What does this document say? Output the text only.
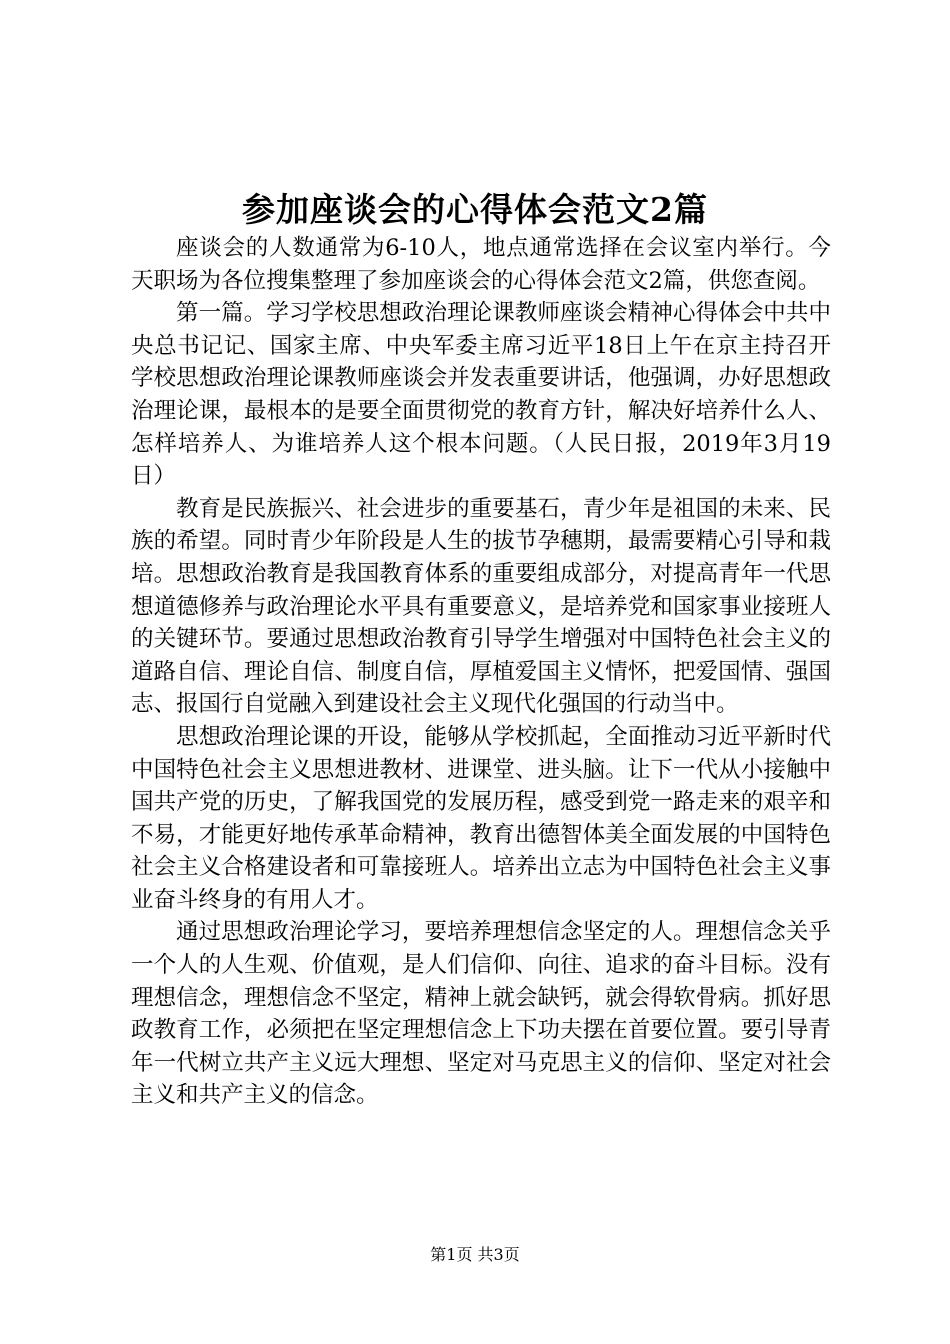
参加座谈会的心得体会范文2篇

座谈会的人数通常为6-10人，地点通常选择在会议室内举行。今天职场为各位搜集整理了参加座谈会的心得体会范文2篇，供您查阅。

第一篇。学习学校思想政治理论课教师座谈会精神心得体会中共中央总书记记、国家主席、中央军委主席习近平18日上午在京主持召开学校思想政治理论课教师座谈会并发表重要讲话，他强调，办好思想政治理论课，最根本的是要全面贯彻党的教育方针，解决好培养什么人、怎样培养人、为谁培养人这个根本问题。（人民日报，2019年3月19日）

教育是民族振兴、社会进步的重要基石，青少年是祖国的未来、民族的希望。同时青少年阶段是人生的拔节孕穗期，最需要精心引导和栽培。思想政治教育是我国教育体系的重要组成部分，对提高青年一代思想道德修养与政治理论水平具有重要意义，是培养党和国家事业接班人的关键环节。要通过思想政治教育引导学生增强对中国特色社会主义的道路自信、理论自信、制度自信，厚植爱国主义情怀，把爱国情、强国志、报国行自觉融入到建设社会主义现代化强国的行动当中。

思想政治理论课的开设，能够从学校抓起，全面推动习近平新时代中国特色社会主义思想进教材、进课堂、进头脑。让下一代从小接触中国共产党的历史，了解我国党的发展历程，感受到党一路走来的艰辛和不易，才能更好地传承革命精神，教育出德智体美全面发展的中国特色社会主义合格建设者和可靠接班人。培养出立志为中国特色社会主义事业奋斗终身的有用人才。

通过思想政治理论学习，要培养理想信念坚定的人。理想信念关乎一个人的人生观、价值观，是人们信仰、向往、追求的奋斗目标。没有理想信念，理想信念不坚定，精神上就会缺钙，就会得软骨病。抓好思政教育工作，必须把在坚定理想信念上下功夫摆在首要位置。要引导青年一代树立共产主义远大理想、坚定对马克思主义的信仰、坚定对社会主义和共产主义的信念。

第1页 共3页
